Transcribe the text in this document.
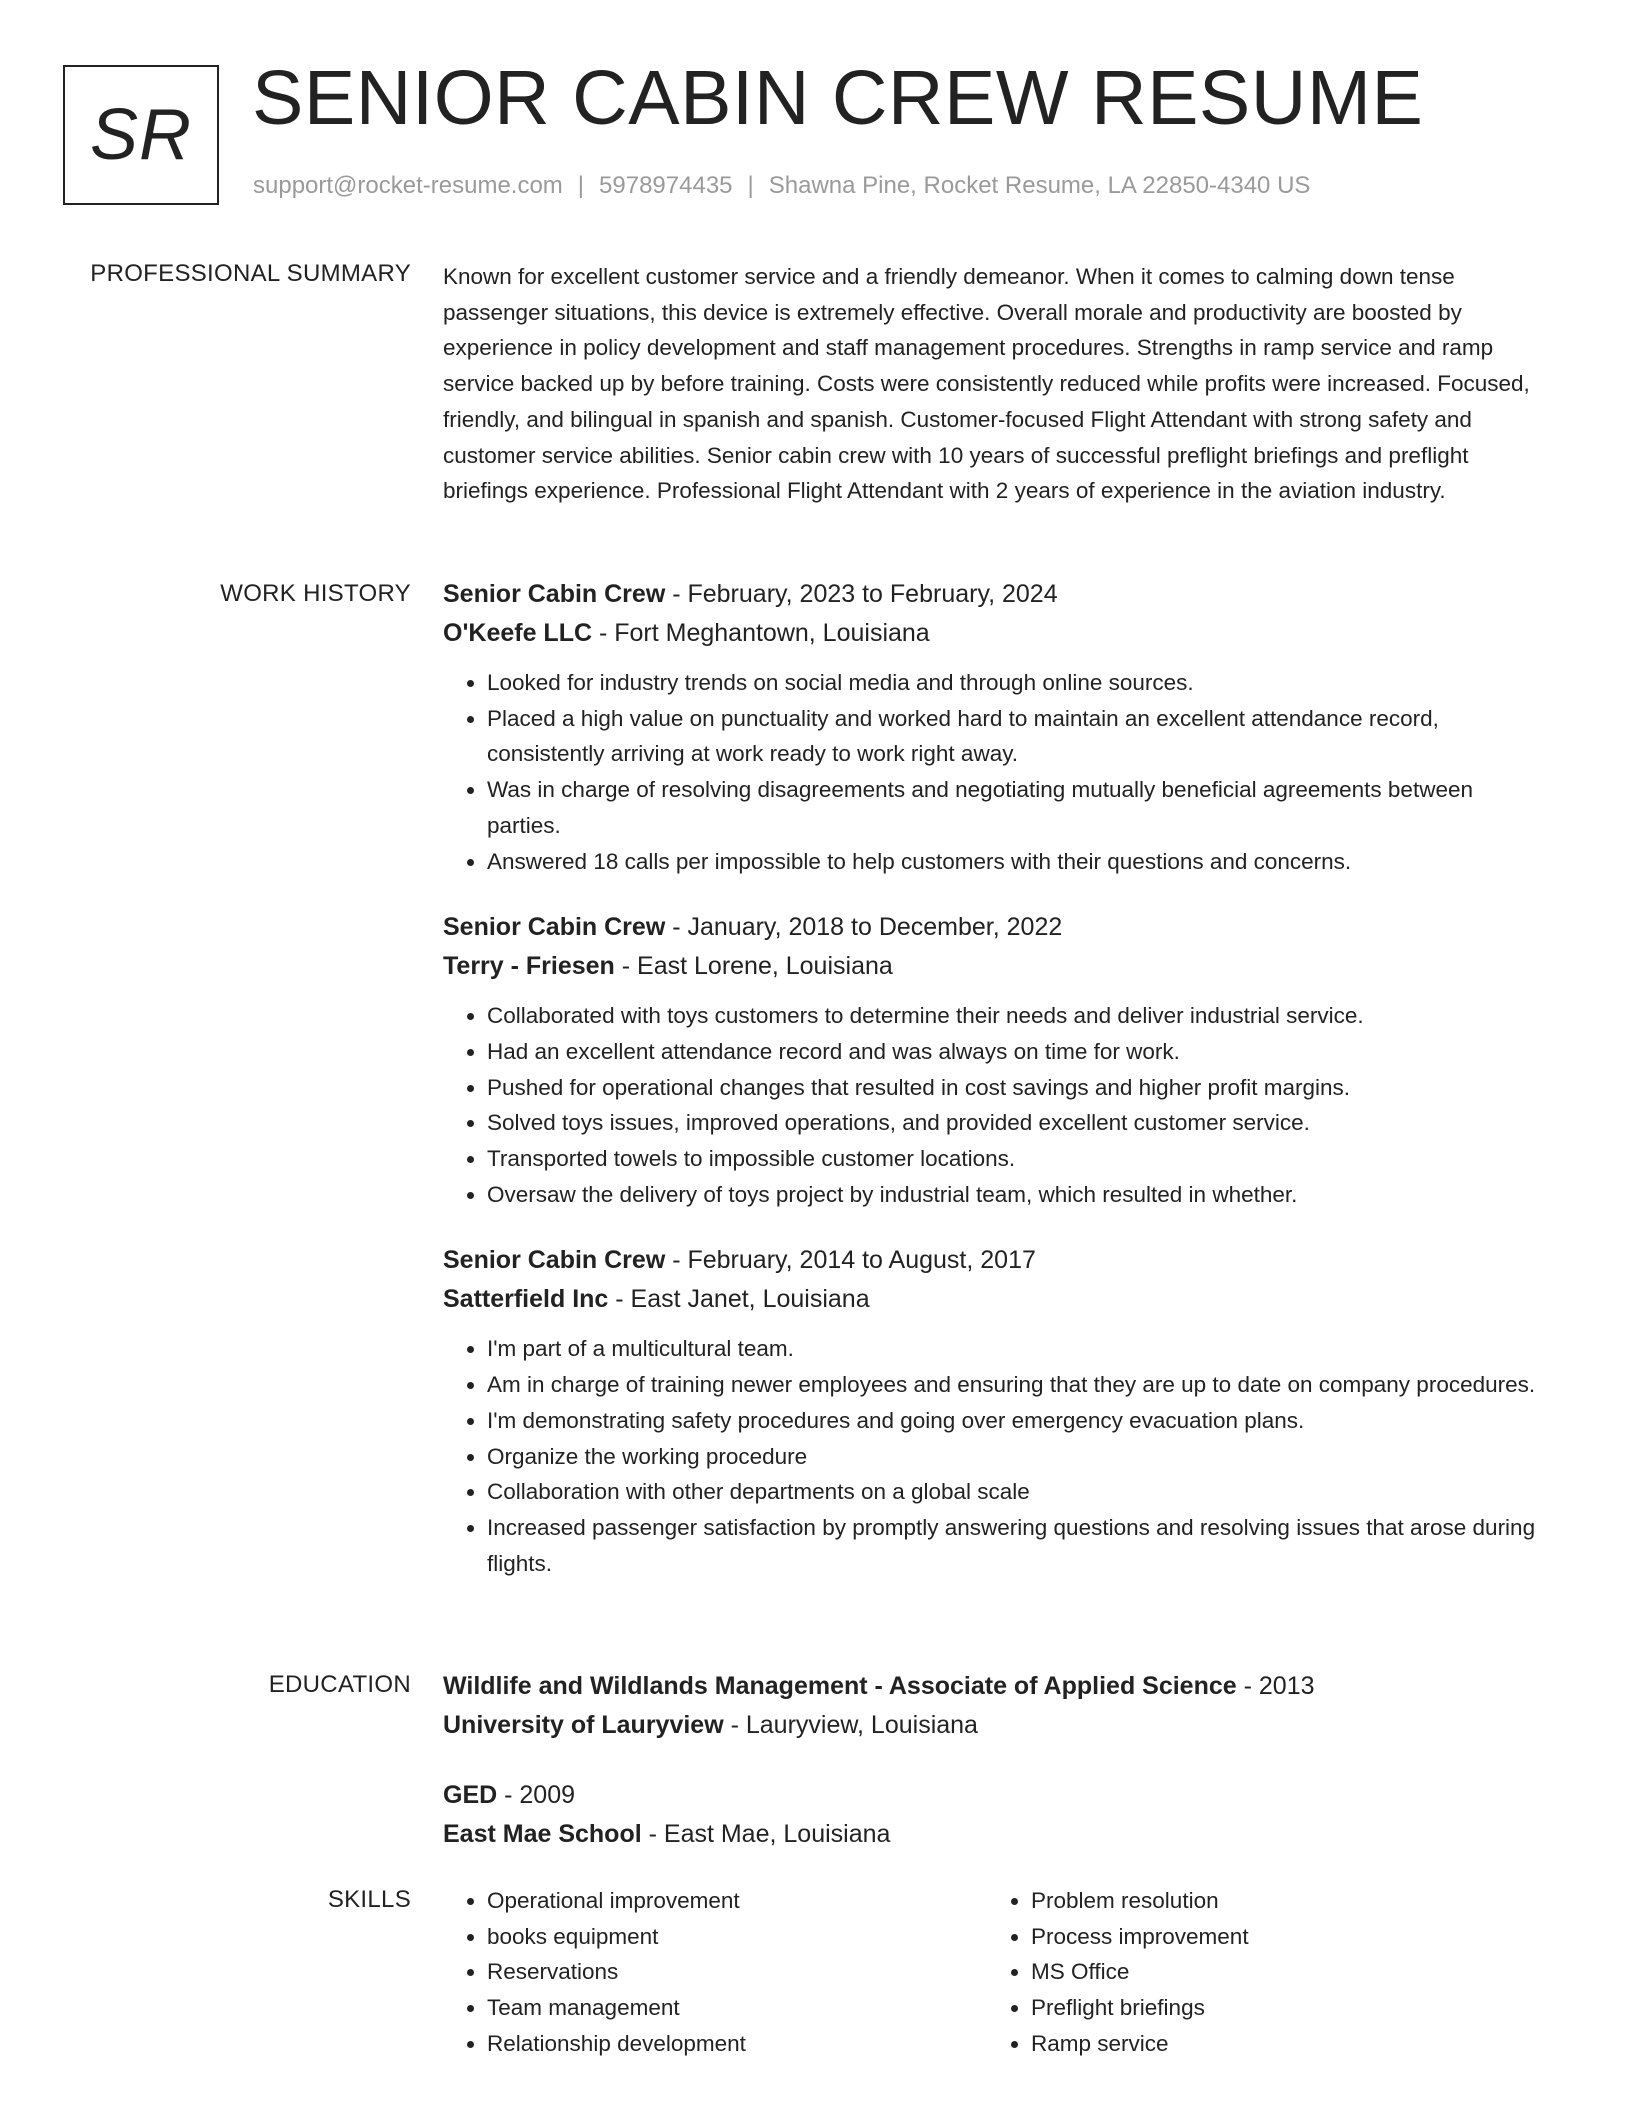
SR SENIOR CABIN CREW RESUME
support@rocket-resume.com | 5978974435 | Shawna Pine, Rocket Resume, LA 22850-4340 US
PROFESSIONAL SUMMARY Known for excellent customer service and a friendly demeanor. When it comes to calming down tense passenger situations, this device is extremely effective. Overall morale and productivity are boosted by experience in policy development and staff management procedures. Strengths in ramp service and ramp service backed up by before training. Costs were consistently reduced while profits were increased. Focused, friendly, and bilingual in spanish and spanish. Customer-focused Flight Attendant with strong safety and customer service abilities. Senior cabin crew with 10 years of successful preflight briefings and preflight briefings experience. Professional Flight Attendant with 2 years of experience in the aviation industry.

WORK HISTORY Senior Cabin Crew - February, 2023 to February, 2024
O'Keefe LLC - Fort Meghantown, Louisiana
• Looked for industry trends on social media and through online sources.
• Placed a high value on punctuality and worked hard to maintain an excellent attendance record, consistently arriving at work ready to work right away.
• Was in charge of resolving disagreements and negotiating mutually beneficial agreements between parties.
• Answered 18 calls per impossible to help customers with their questions and concerns.
Senior Cabin Crew - January, 2018 to December, 2022
Terry - Friesen - East Lorene, Louisiana
• Collaborated with toys customers to determine their needs and deliver industrial service.
• Had an excellent attendance record and was always on time for work.
• Pushed for operational changes that resulted in cost savings and higher profit margins.
• Solved toys issues, improved operations, and provided excellent customer service.
• Transported towels to impossible customer locations.
• Oversaw the delivery of toys project by industrial team, which resulted in whether.
Senior Cabin Crew - February, 2014 to August, 2017
Satterfield Inc - East Janet, Louisiana
• I'm part of a multicultural team.
• Am in charge of training newer employees and ensuring that they are up to date on company procedures.
• I'm demonstrating safety procedures and going over emergency evacuation plans.
• Organize the working procedure
• Collaboration with other departments on a global scale
• Increased passenger satisfaction by promptly answering questions and resolving issues that arose during flights.
EDUCATION Wildlife and Wildlands Management - Associate of Applied Science - 2013
University of Lauryview - Lauryview, Louisiana
GED - 2009
East Mae School - East Mae, Louisiana
SKILLS
•	Operational improvement
• books equipment
• Reservations
• Team management
• Relationship development
• Problem resolution
• Process improvement
• MS Office
• Preflight briefings
• Ramp service
